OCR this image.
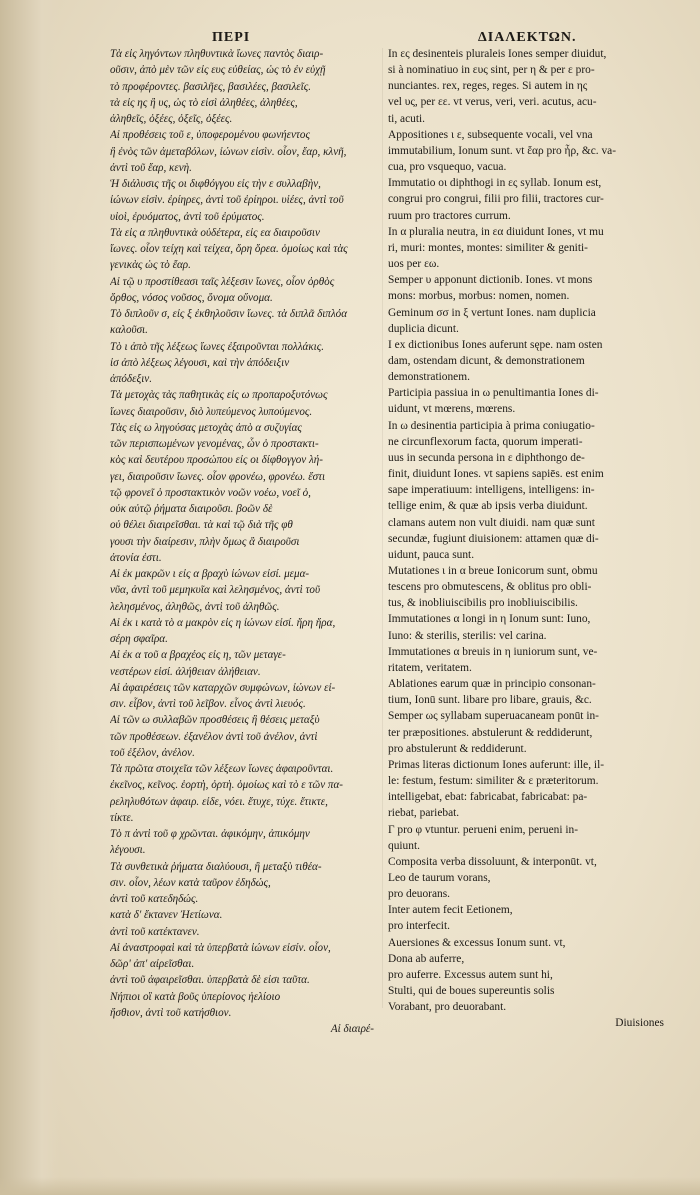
ΠΕΡΙ	ΔΙΑΛΕΚΤΩΝ.
Τὰ εἰς ληγόντων πληθυντικὰ ἴωνες παντὸς διαιρ-
οῦσιν, ἀπὸ μὲν τῶν εἰς ευς εὐθείας, ὡς τὸ ἐν εὐχῇ
τὸ προφέροντες. βασιλῆες, βασιλέες, βασιλεῖς.
τὰ εἰς ης ἢ υς, ὡς τὸ εἰσὶ ἀληθέες, ἀληθέες,
ἀληθεῖς, ὀξέες, ὀξεῖς, ὀξέες.
Αἱ προθέσεις τοῦ ε, ὑποφερομένου φωνήεντος
ἢ ἐνὸς τῶν ἀμεταβόλων, ἰώνων εἰσὶν. οἷον, ἔαρ, κλνῆ,
ἀντὶ τοῦ ἔαρ, κενὴ.
Ἡ διάλυσις τῆς οι διφθόγγου εἰς τὴν ε συλλαβὴν,
ἰώνων εἰσὶν. ἐρίηρες, ἀντὶ τοῦ ἐρίηροι. υἱέες, ἀντὶ τοῦ
υἱοὶ, ἐρυόματος, ἀντὶ τοῦ ἐρύματος.
Τὰ εἰς α πληθυντικὰ οὐδέτερα, εἰς εα διαιροῦσιν
ἴωνες. οἷον τείχη καὶ τείχεα, ὄρη ὄρεα. ὁμοίως καὶ τὰς
γενικὰς ὡς τὸ ἔαρ.
Αἱ τῷ υ προστίθεασι ταῖς λέξεσιν ἴωνες, οἷον ὀρθὸς
ὄρθος, νόσος νοῦσος, ὄνομα οὔνομα.
Τὸ διπλοῦν σ, εἰς ξ ἐκθηλοῦσιν ἴωνες. τὰ διπλᾶ διπλόα
καλοῦσι.
Τὸ ι ἀπὸ τῆς λέξεως ἴωνες ἐξαιροῦνται πολλάκις.
ἰσ ἀπὸ λέξεως λέγουσι, καὶ τὴν ἀπόδειξιν
ἀπόδεξιν.
Τὰ μετοχὰς τὰς παθητικὰς εἰς ω προπαροξυτόνως
ἴωνες διαιροῦσιν, διὸ λυπεύμενος λυπούμενος.
Τὰς εἰς ω ληγούσας μετοχὰς ἀπὸ α συζυγίας
τῶν περισπωμένων γενομένας, ὧν ὁ προστακτι-
κὸς καὶ δευτέρου προσώπου εἰς οι δίφθογγον λή-
γει, διαιροῦσιν ἴωνες. οἷον φρονέω, φρονέω. ἔστι
τῷ φρονεῖ ὁ προστακτικὸν νοῶν νοέω, νοεῖ ὁ,
οὐκ αὐτῷ ῥήματα διαιροῦσι. βοῶν δὲ
οὐ θέλει διαιρεῖσθαι. τὰ καὶ τῷ διὰ τῆς φθ
γουσι τὴν διαίρεσιν, πλὴν ὅμως ἃ διαιροῦσι
ἀτονία ἐστι.
Αἱ ἐκ μακρῶν ι εἰς α βραχὺ ἰώνων εἰσί. μεμα-
νῦα, ἀντὶ τοῦ μεμηκυῖα καὶ λελησμένος, ἀντὶ τοῦ
λελησμένος, ἀληθῶς, ἀντὶ τοῦ ἀληθῶς.
Αἱ ἐκ ι κατὰ τὸ α μακρὸν εἰς η ἰώνων εἰσί. ἥρη ἥρα,
σέρη σφαῖρα.
Αἱ ἐκ α τοῦ α βραχέος εἰς η, τῶν μεταγε-
νεστέρων εἰσί. ἀλήθειαν ἀλήθειαν.
Αἱ ἀφαιρέσεις τῶν καταρχῶν συμφώνων, ἰώνων εἰ-
σιν. εἶβον, ἀντὶ τοῦ λεῖβον. εἷνος ἀντὶ λιευός.
Αἱ τῶν ω συλλαβῶν προσθέσεις ἢ θέσεις μεταξὺ
τῶν προθέσεων. ἐξανέλον ἀντὶ τοῦ ἀνέλον, ἀντὶ
τοῦ ἐξέλον, ἀνέλον.
Τὰ πρῶτα στοιχεῖα τῶν λέξεων ἴωνες ἀφαιροῦνται.
ἐκεῖνος, κεῖνος. ἑορτὴ, ὀρτὴ. ὁμοίως καὶ τὸ ε τῶν πα-
ρεληλυθότων ἀφαιρ. εἰδε, νόει. ἔτυχε, τύχε. ἔτικτε,
τίκτε.
Τὸ π ἀντὶ τοῦ φ χρῶνται. ἀφικόμην, ἀπικόμην
λέγουσι.
Τὰ συνθετικὰ ῥήματα διαλύουσι, ἢ μεταξὺ τιθέα-
σιν. οἷον, λέων κατὰ ταῦρον ἐδηδώς,
ἀντὶ τοῦ κατεδηδώς.
κατὰ δ' ἔκτανεν Ἠετίωνα.
ἀντὶ τοῦ κατέκτανεν.
Αἱ ἀναστροφαὶ καὶ τὰ ὑπερβατὰ ἰώνων εἰσίν. οἷον,
δῶρ' ἀπ' αἰρεῖσθαι.
ἀντὶ τοῦ ἀφαιρεῖσθαι. ὑπερβατὰ δὲ εἰσι ταῦτα.
Νήπιοι οἳ κατὰ βοῦς ὑπερίονος ἠελίοιο
ἤσθιον, ἀντὶ τοῦ κατήσθιον.
Αἱ διαιρέ-
In ες desinenteis pluraleis Iones semper diuidut,
si à nominatiuo in ευς sint, per η & per ε pro-
nunciantes. rex, reges, reges. Si autem in ης
vel υς, per εε. vt verus, veri, veri. acutus, acu-
ti, acuti.
Appositiones ι ε, subsequente vocali, vel vna
immutabilium, Ionum sunt. vt ἔαρ pro ἦρ, &c. va-
cua, pro vsquequo, vacua.
Immutatio οι diphthogi in ες syllab. Ionum est,
congrui pro congrui, filii pro filii, tractores cur-
ruum pro tractores currum.
In α pluralia neutra, in εα diuidunt Iones, vt mu
ri, muri: montes, montes: similiter & geniti-
uos per εω.
Semper υ apponunt dictionib. Iones. vt mons
mons: morbus, morbus: nomen, nomen.
Geminum σσ in ξ vertunt Iones. nam duplicia
duplicia dicunt.
I ex dictionibus Iones auferunt sępe. nam osten
dam, ostendam dicunt, & demonstrationem
demonstrationem.
Participia passiua in ω penultimantia Iones di-
uidunt, vt mœrens, mœrens.
In ω desinentia participia à prima coniugatio-
ne circunflexorum facta, quorum imperati-
uus in secunda persona in ε diphthongo de-
finit, diuidunt Iones. vt sapiens sapiēs. est enim
sape imperatiuum: intelligens, intelligens: in-
tellige enim, & quæ ab ipsis verba diuidunt.
clamans autem non vult diuidi. nam quæ sunt
secundæ, fugiunt diuisionem: attamen quæ di-
uidunt, pauca sunt.
Mutationes ι in α breue Ionicorum sunt, obmu
tescens pro obmutescens, & oblitus pro obli-
tus, & inobliuiscibilis pro inobliuiscibilis.
Immutationes α longi in η Ionum sunt: Iuno,
Iuno: & sterilis, sterilis: vel carina.
Immutationes α breuis in η iuniorum sunt, ve-
ritatem, veritatem.
Ablationes earum quæ in principio consonan-
tium, Ionū sunt. libare pro libare, grauis, &c.
Semper ως syllabam superuacaneam ponūt in-
ter præpositiones. abstulerunt & reddiderunt,
pro abstulerunt & reddiderunt.
Primas literas dictionum Iones auferunt: ille, il-
le: festum, festum: similiter & ε præteritorum.
intelligebat, ebat: fabricabat, fabricabat: pa-
riebat, pariebat.
Γ pro φ vtuntur. perueni enim, perueni in-
quiunt.
Composita verba dissoluunt, & interponūt. vt,
Leo de taurum vorans,
pro deuorans.
Inter autem fecit Eetionem,
pro interfecit.
Auersiones & excessus Ionum sunt. vt,
Dona ab auferre,
pro auferre. Excessus autem sunt hi,
Stulti, qui de boues supereuntis solis
Vorabant, pro deuorabant.
Diuisiones
